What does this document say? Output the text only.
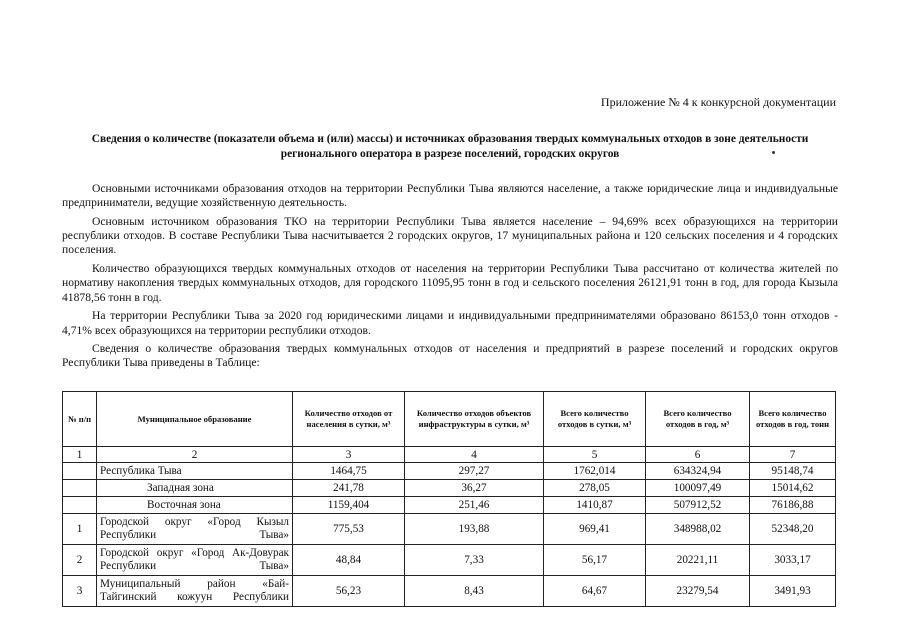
Приложение № 4 к конкурсной документации
Сведения о количестве (показатели объема и (или) массы) и источниках образования твердых коммунальных отходов в зоне деятельности регионального оператора в разрезе поселений, городских округов

Основными источниками образования отходов на территории Республики Тыва являются население, а также юридические лица и индивидуальные предприниматели, ведущие хозяйственную деятельность.

Основным источником образования ТКО на территории Республики Тыва является население – 94,69% всех образующихся на территории республики отходов. В составе Республики Тыва насчитывается 2 городских округов, 17 муниципальных района и 120 сельских поселения и 4 городских поселения.

Количество образующихся твердых коммунальных отходов от населения на территории Республики Тыва рассчитано от количества жителей по нормативу накопления твердых коммунальных отходов, для городского 11095,95 тонн в год и сельского поселения 26121,91 тонн в год, для города Кызыла 41878,56 тонн в год.

На территории Республики Тыва за 2020 год юридическими лицами и индивидуальными предпринимателями образовано 86153,0 тонн отходов - 4,71% всех образующихся на территории республики отходов.

Сведения о количестве образования твердых коммунальных отходов от населения и предприятий в разрезе поселений и городских округов Республики Тыва приведены в Таблице:

№ п/п	Муниципальное образование	Количество отходов от населения в сутки, м³	Количество отходов объектов инфраструктуры в сутки, м³	Всего количество отходов в сутки, м³	Всего количество отходов в год, м³	Всего количество отходов в год, тонн
1	2	3	4	5	6	7
	Республика Тыва	1464,75	297,27	1762,014	634324,94	95148,74
	Западная зона	241,78	36,27	278,05	100097,49	15014,62
	Восточная зона	1159,404	251,46	1410,87	507912,52	76186,88
1	Городской округ «Город Кызыл Республики Тыва»	775,53	193,88	969,41	348988,02	52348,20
2	Городской округ «Город Ак-Довурак Республики Тыва»	48,84	7,33	56,17	20221,11	3033,17
3	Муниципальный район «Бай-Тайгинский кожуун Республики	56,23	8,43	64,67	23279,54	3491,93
